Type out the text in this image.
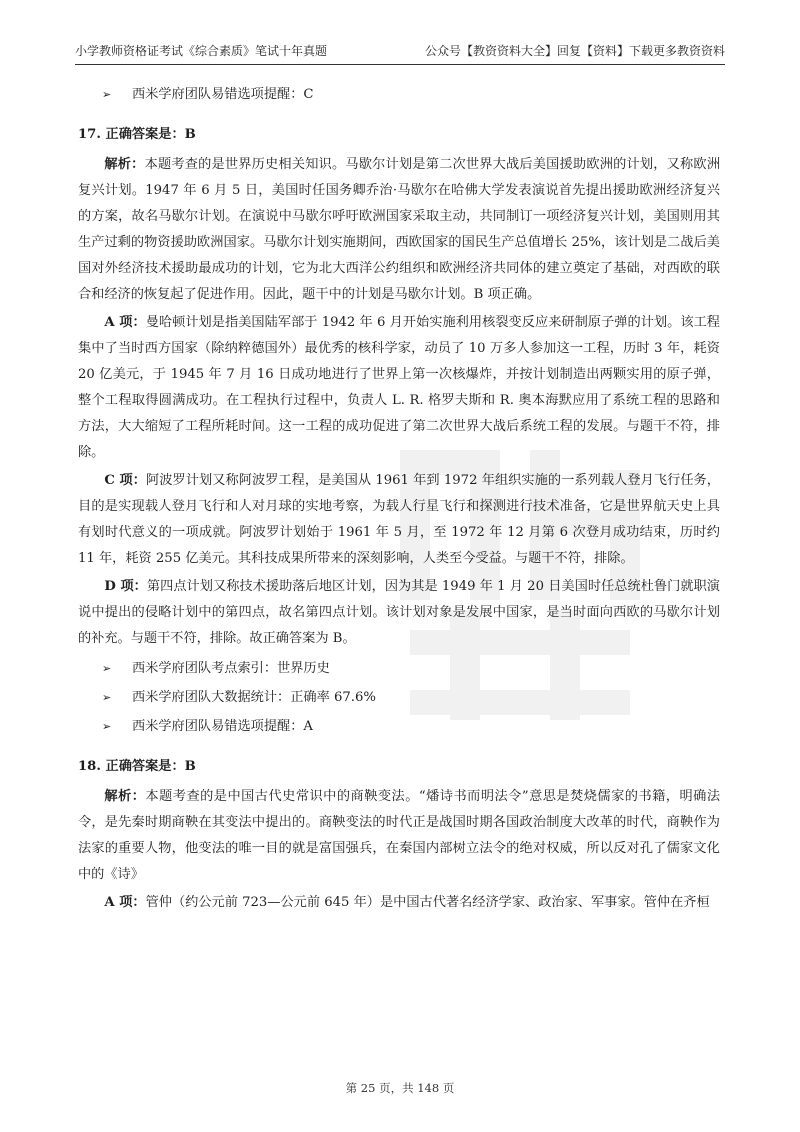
小学教师资格证考试《综合素质》笔试十年真题	公众号【教资资料大全】回复【资料】下载更多教资资料
➢ 西米学府团队易错选项提醒：C
17. 正确答案是：B

解析：本题考查的是世界历史相关知识。马歇尔计划是第二次世界大战后美国援助欧洲的计划，又称欧洲复兴计划。1947 年 6 月 5 日，美国时任国务卿乔治·马歇尔在哈佛大学发表演说首先提出援助欧洲经济复兴的方案，故名马歇尔计划。在演说中马歇尔呼吁欧洲国家采取主动，共同制订一项经济复兴计划，美国则用其生产过剩的物资援助欧洲国家。马歇尔计划实施期间，西欧国家的国民生产总值增长 25%，该计划是二战后美国对外经济技术援助最成功的计划，它为北大西洋公约组织和欧洲经济共同体的建立奠定了基础，对西欧的联合和经济的恢复起了促进作用。因此，题干中的计划是马歇尔计划。B 项正确。

A 项：曼哈顿计划是指美国陆军部于 1942 年 6 月开始实施利用核裂变反应来研制原子弹的计划。该工程集中了当时西方国家（除纳粹德国外）最优秀的核科学家，动员了 10 万多人参加这一工程，历时 3 年，耗资 20 亿美元，于 1945 年 7 月 16 日成功地进行了世界上第一次核爆炸，并按计划制造出两颗实用的原子弹，整个工程取得圆满成功。在工程执行过程中，负责人 L. R. 格罗夫斯和 R. 奥本海默应用了系统工程的思路和方法，大大缩短了工程所耗时间。这一工程的成功促进了第二次世界大战后系统工程的发展。与题干不符，排除。

C 项：阿波罗计划又称阿波罗工程，是美国从 1961 年到 1972 年组织实施的一系列载人登月飞行任务，目的是实现载人登月飞行和人对月球的实地考察，为载人行星飞行和探测进行技术准备，它是世界航天史上具有划时代意义的一项成就。阿波罗计划始于 1961 年 5 月，至 1972 年 12 月第 6 次登月成功结束，历时约 11 年，耗资 255 亿美元。其科技成果所带来的深刻影响，人类至今受益。与题干不符，排除。

D 项：第四点计划又称技术援助落后地区计划，因为其是 1949 年 1 月 20 日美国时任总统杜鲁门就职演说中提出的侵略计划中的第四点，故名第四点计划。该计划对象是发展中国家，是当时面向西欧的马歇尔计划的补充。与题干不符，排除。故正确答案为 B。

➢ 西米学府团队考点索引：世界历史
➢ 西米学府团队大数据统计：正确率 67.6%
➢ 西米学府团队易错选项提醒：A
18. 正确答案是：B

解析：本题考查的是中国古代史常识中的商鞅变法。“燔诗书而明法令”意思是焚烧儒家的书籍，明确法令，是先秦时期商鞅在其变法中提出的。商鞅变法的时代正是战国时期各国政治制度大改革的时代，商鞅作为法家的重要人物，他变法的唯一目的就是富国强兵，在秦国内部树立法令的绝对权威，所以反对孔了儒家文化中的《诗》

A 项：管仲（约公元前 723—公元前 645 年）是中国古代著名经济学家、政治家、军事家。管仲在齐桓

第 25 页，共 148 页
